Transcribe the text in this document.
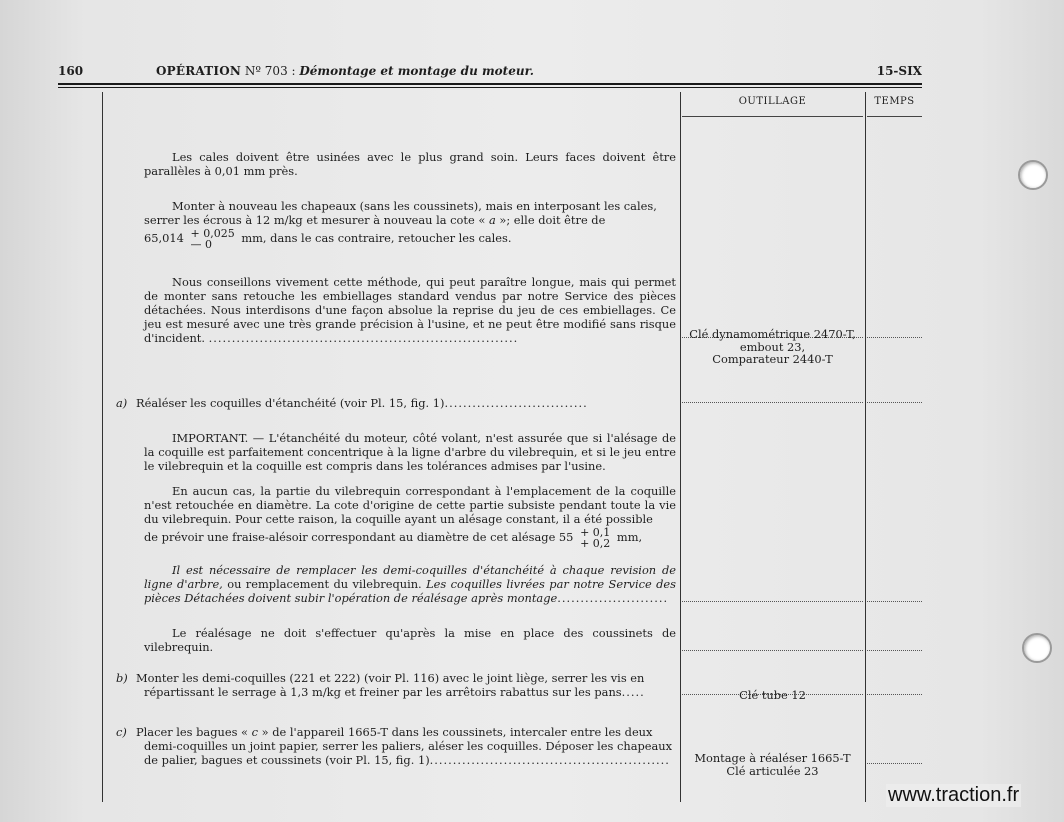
160	OPÉRATION Nº 703 : Démontage et montage du moteur.	15-SIX
OUTILLAGE	TEMPS

Les cales doivent être usinées avec le plus grand soin. Leurs faces doivent être parallèles à 0,01 mm près.

Monter à nouveau les chapeaux (sans les coussinets), mais en interposant les cales,

serrer les écrous à 12 m/kg et mesurer à nouveau la cote « a »; elle doit être de

65,014 + 0,025
— 0	mm, dans le cas contraire, retoucher les cales.

Nous conseillons vivement cette méthode, qui peut paraître longue, mais qui permet de monter sans retouche les embiellages standard vendus par notre Service des pièces détachées. Nous interdisons d'une façon absolue la reprise du jeu de ces embiellages. Ce jeu est mesuré avec une très grande précision à l'usine, et ne peut être modifié sans risque d'incident. ...................................................................	Clé dynamométrique 2470-T,
embout 23,
Comparateur 2440-T
a) Réaléser les coquilles d'étanchéité (voir Pl. 15, fig. 1)...............................

IMPORTANT. — L'étanchéité du moteur, côté volant, n'est assurée que si l'alésage de la coquille est parfaitement concentrique à la ligne d'arbre du vilebrequin, et si le jeu entre le vilebrequin et la coquille est compris dans les tolérances admises par l'usine.

En aucun cas, la partie du vilebrequin correspondant à l'emplacement de la coquille n'est retouchée en diamètre. La cote d'origine de cette partie subsiste pendant toute la vie du vilebrequin. Pour cette raison, la coquille ayant un alésage constant, il a été possible

de prévoir une fraise-alésoir correspondant au diamètre de cet alésage 55 + 0,1
+ 0,2 mm,

Il est nécessaire de remplacer les demi-coquilles d'étanchéité à chaque revision de ligne d'arbre, ou remplacement du vilebrequin. Les coquilles livrées par notre Service des pièces Détachées doivent subir l'opération de réalésage après montage........................

Le réalésage ne doit s'effectuer qu'après la mise en place des coussinets de vilebrequin.

b) Monter les demi-coquilles (221 et 222) (voir Pl. 116) avec le joint liège, serrer les vis en

répartissant le serrage à 1,3 m/kg et freiner par les arrêtoirs rabattus sur les pans.....	Clé tube 12
c) Placer les bagues « c » de l'appareil 1665-T dans les coussinets, intercaler entre les deux

demi-coquilles un joint papier, serrer les paliers, aléser les coquilles. Déposer les chapeaux

de palier, bagues et coussinets (voir Pl. 15, fig. 1)....................................................	Montage à réaléser 1665-T
Clé articulée 23
www.traction.fr
